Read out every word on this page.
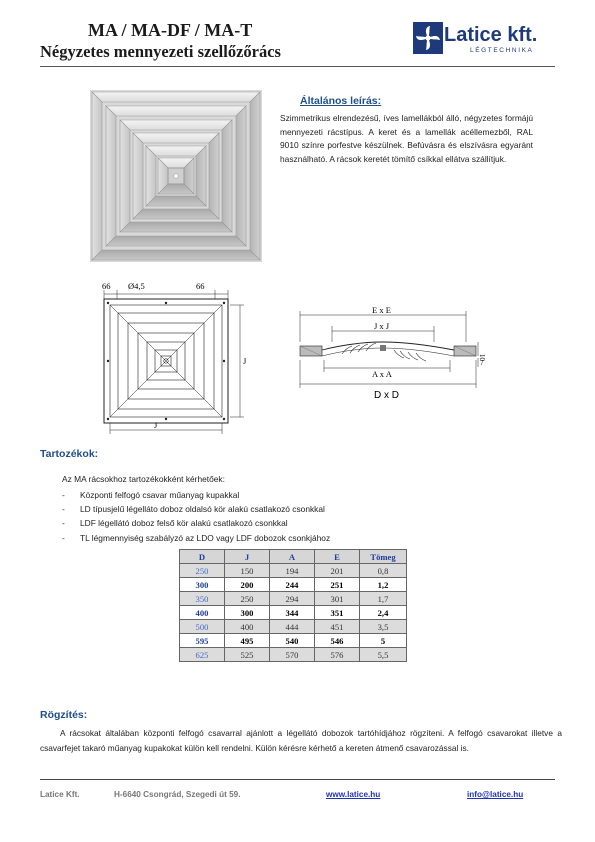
MA / MA-DF / MA-T
Négyzetes mennyezeti szellőzőrács
Latice kft.
LÉGTECHNIKA
Általános leírás:
Szimmetrikus elrendezésű, íves lamellákból álló, négyzetes formájú mennyezeti rácstípus. A keret és a lamellák acéllemezből, RAL 9010 színre porfestve készülnek. Befúvásra és elszívásra egyaránt használható. A rácsok keretét tömítő csíkkal ellátva szállítjuk.
66 Ø4,5	66
J
J
E x E
J x J
A x A
D x D
10
7
Tartozékok:
Az MA rácsokhoz tartozékokként kérhetőek:
- Központi felfogó csavar műanyag kupakkal
- LD típusjelű légelláto doboz oldalsó kör alakú csatlakozó csonkkal
- LDF légellátó doboz felső kör alakú csatlakozó csonkkal
- TL légmennyiség szabályzó az LDO vagy LDF dobozok csonkjához
D	J	A	E	Tömeg
250	150	194	201	0,8
300	200	244	251	1,2
350	250	294	301	1,7
400	300	344	351	2,4
500	400	444	451	3,5
595	495	540	546	5
625	525	570	576	5,5
Rögzítés:
A rácsokat általában központi felfogó csavarral ajánlott a légellátó dobozok tartóhídjához rögzíteni. A felfogó csavarokat illetve a csavarfejet takaró műanyag kupakokat külön kell rendelni. Külön kérésre kérhető a kereten átmenő csavarozással is.
Latice Kft.	H-6640 Csongrád, Szegedi út 59.	www.latice.hu	info@latice.hu
